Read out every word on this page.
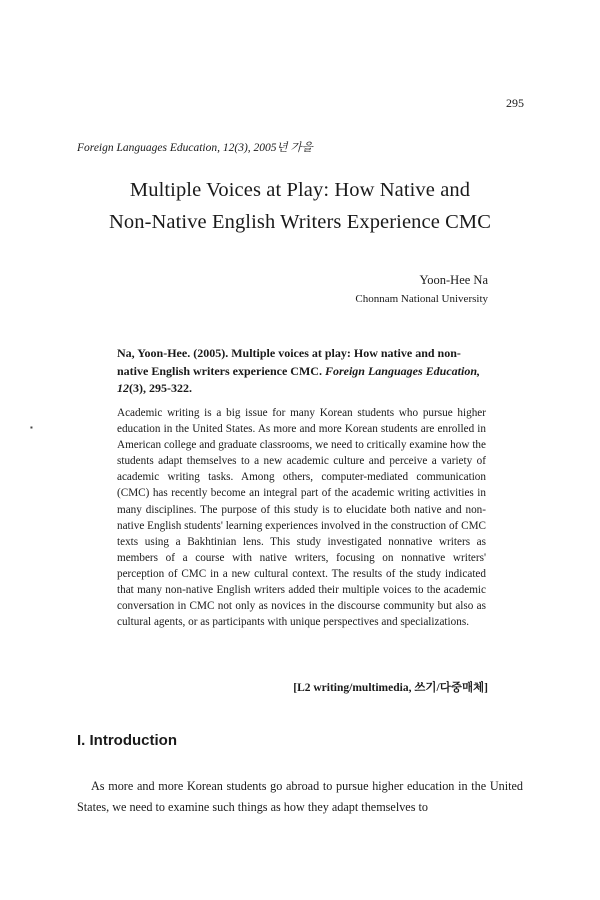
295
Foreign Languages Education, 12(3), 2005년 가을
Multiple Voices at Play: How Native and
Non-Native English Writers Experience CMC
Yoon-Hee Na
Chonnam National University
Na, Yoon-Hee. (2005). Multiple voices at play: How native and non-native English writers experience CMC. Foreign Languages Education, 12(3), 295-322.
Academic writing is a big issue for many Korean students who pursue higher education in the United States. As more and more Korean students are enrolled in American college and graduate classrooms, we need to critically examine how the students adapt themselves to a new academic culture and perceive a variety of academic writing tasks. Among others, computer-mediated communication (CMC) has recently become an integral part of the academic writing activities in many disciplines. The purpose of this study is to elucidate both native and non-native English students' learning experiences involved in the construction of CMC texts using a Bakhtinian lens. This study investigated nonnative writers as members of a course with native writers, focusing on nonnative writers' perception of CMC in a new cultural context. The results of the study indicated that many non-native English writers added their multiple voices to the academic conversation in CMC not only as novices in the discourse community but also as cultural agents, or as participants with unique perspectives and specializations.
[L2 writing/multimedia, 쓰기/다중매체]
I. Introduction
As more and more Korean students go abroad to pursue higher education in the United States, we need to examine such things as how they adapt themselves to
▪
